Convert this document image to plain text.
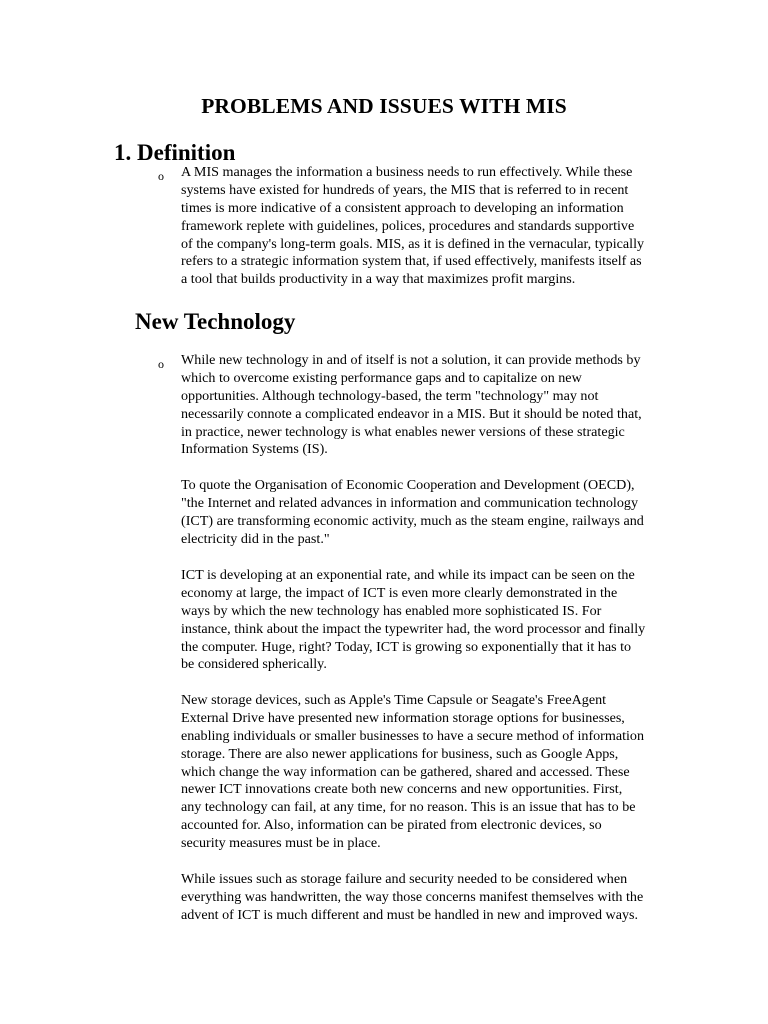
PROBLEMS AND ISSUES WITH MIS
1. Definition
o A MIS manages the information a business needs to run effectively. While these
systems have existed for hundreds of years, the MIS that is referred to in recent
times is more indicative of a consistent approach to developing an information
framework replete with guidelines, polices, procedures and standards supportive
of the company's long-term goals. MIS, as it is defined in the vernacular, typically
refers to a strategic information system that, if used effectively, manifests itself as
a tool that builds productivity in a way that maximizes profit margins.
New Technology
o While new technology in and of itself is not a solution, it can provide methods by
which to overcome existing performance gaps and to capitalize on new
opportunities. Although technology-based, the term "technology" may not
necessarily connote a complicated endeavor in a MIS. But it should be noted that,
in practice, newer technology is what enables newer versions of these strategic
Information Systems (IS).
To quote the Organisation of Economic Cooperation and Development (OECD),
"the Internet and related advances in information and communication technology
(ICT) are transforming economic activity, much as the steam engine, railways and
electricity did in the past."
ICT is developing at an exponential rate, and while its impact can be seen on the
economy at large, the impact of ICT is even more clearly demonstrated in the
ways by which the new technology has enabled more sophisticated IS. For
instance, think about the impact the typewriter had, the word processor and finally
the computer. Huge, right? Today, ICT is growing so exponentially that it has to
be considered spherically.
New storage devices, such as Apple's Time Capsule or Seagate's FreeAgent
External Drive have presented new information storage options for businesses,
enabling individuals or smaller businesses to have a secure method of information
storage. There are also newer applications for business, such as Google Apps,
which change the way information can be gathered, shared and accessed. These
newer ICT innovations create both new concerns and new opportunities. First,
any technology can fail, at any time, for no reason. This is an issue that has to be
accounted for. Also, information can be pirated from electronic devices, so
security measures must be in place.
While issues such as storage failure and security needed to be considered when
everything was handwritten, the way those concerns manifest themselves with the
advent of ICT is much different and must be handled in new and improved ways.
